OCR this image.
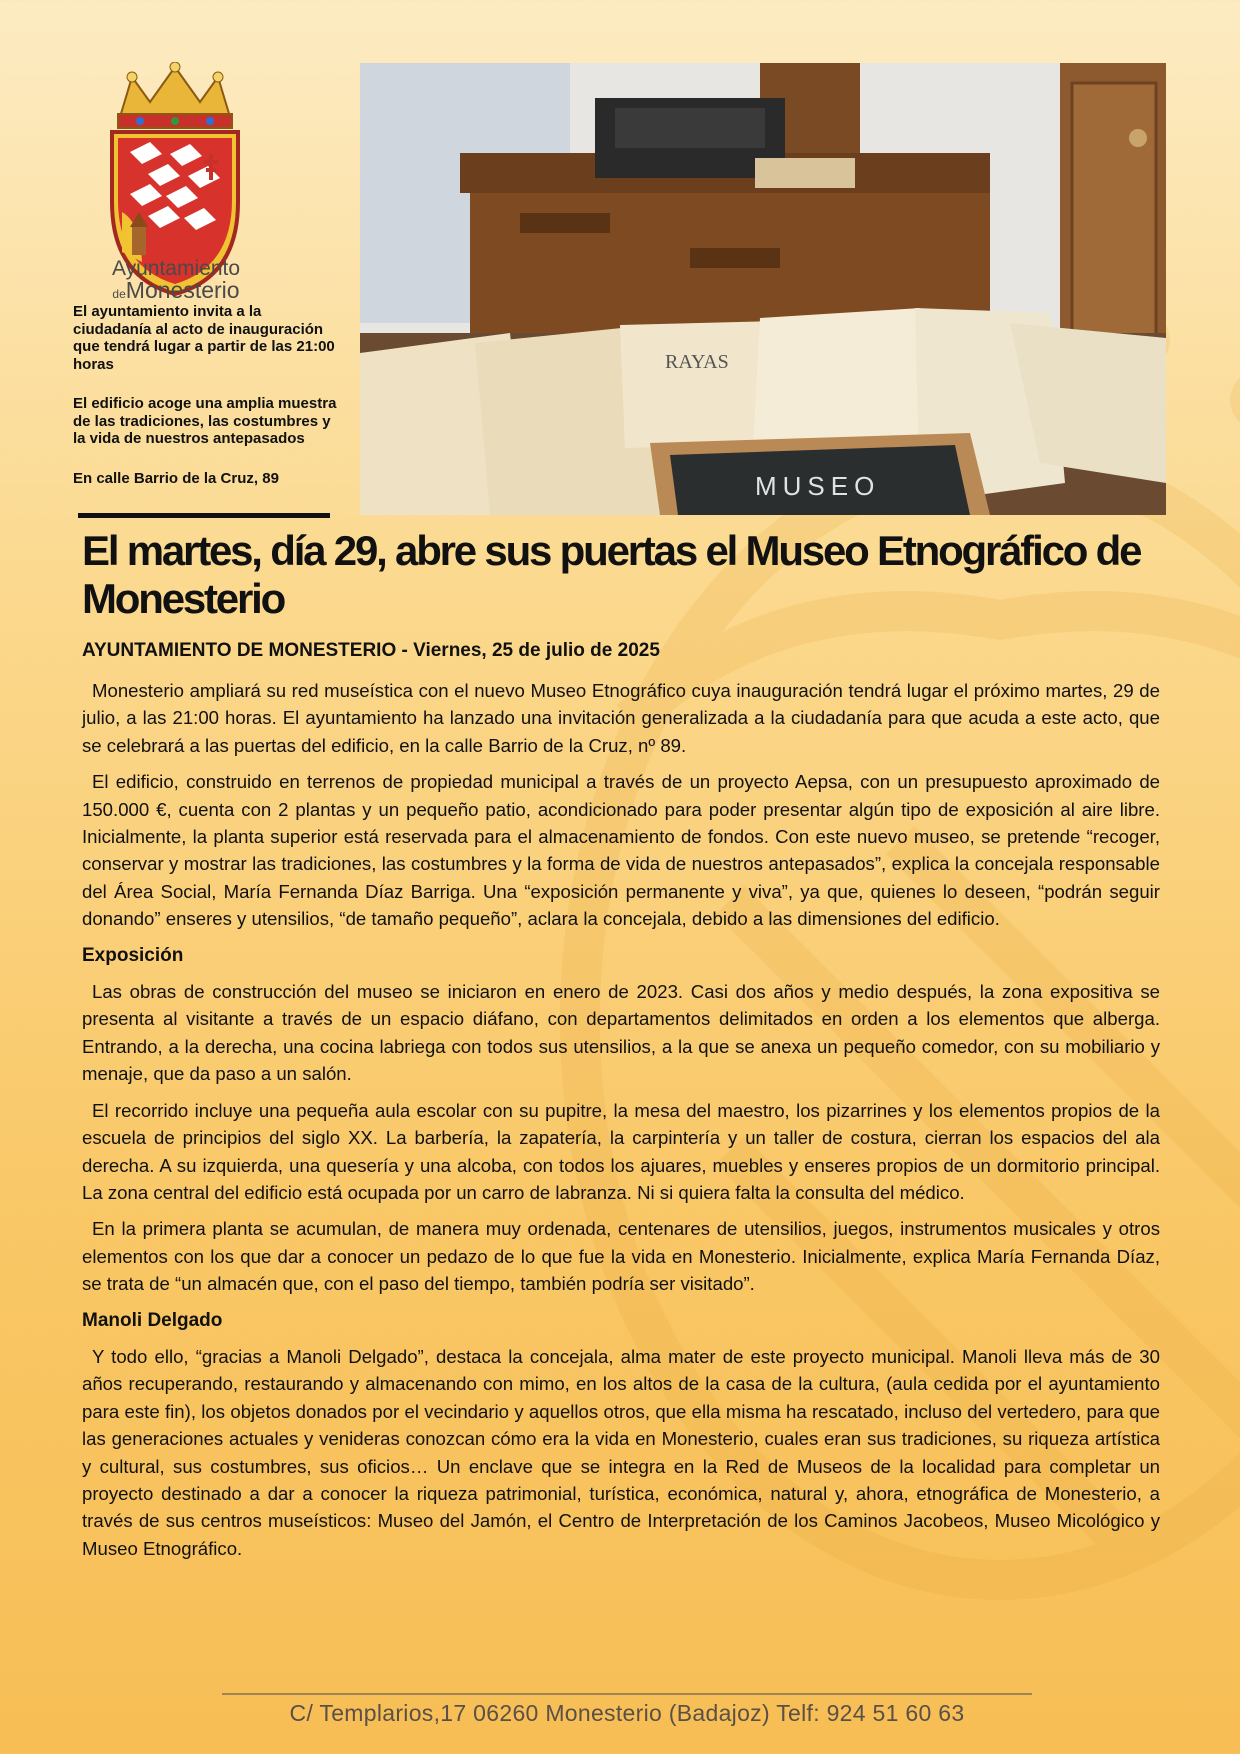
Ayuntamiento
deMonesterio

El ayuntamiento invita a la ciudadanía al acto de inauguración que tendrá lugar a partir de las 21:00 horas

El edificio acoge una amplia muestra de las tradiciones, las costumbres y la vida de nuestros antepasados

En calle Barrio de la Cruz, 89

RAYAS
MUSEO
El martes, día 29, abre sus puertas el Museo Etnográfico de Monesterio

AYUNTAMIENTO DE MONESTERIO - Viernes, 25 de julio de 2025

Monesterio ampliará su red museística con el nuevo Museo Etnográfico cuya inauguración tendrá lugar el próximo martes, 29 de julio, a las 21:00 horas. El ayuntamiento ha lanzado una invitación generalizada a la ciudadanía para que acuda a este acto, que se celebrará a las puertas del edificio, en la calle Barrio de la Cruz, nº 89.

El edificio, construido en terrenos de propiedad municipal a través de un proyecto Aepsa, con un presupuesto aproximado de 150.000 €, cuenta con 2 plantas y un pequeño patio, acondicionado para poder presentar algún tipo de exposición al aire libre. Inicialmente, la planta superior está reservada para el almacenamiento de fondos. Con este nuevo museo, se pretende “recoger, conservar y mostrar las tradiciones, las costumbres y la forma de vida de nuestros antepasados”, explica la concejala responsable del Área Social, María Fernanda Díaz Barriga. Una “exposición permanente y viva”, ya que, quienes lo deseen, “podrán seguir donando” enseres y utensilios, “de tamaño pequeño”, aclara la concejala, debido a las dimensiones del edificio.

Exposición

Las obras de construcción del museo se iniciaron en enero de 2023. Casi dos años y medio después, la zona expositiva se presenta al visitante a través de un espacio diáfano, con departamentos delimitados en orden a los elementos que alberga. Entrando, a la derecha, una cocina labriega con todos sus utensilios, a la que se anexa un pequeño comedor, con su mobiliario y menaje, que da paso a un salón.

El recorrido incluye una pequeña aula escolar con su pupitre, la mesa del maestro, los pizarrines y los elementos propios de la escuela de principios del siglo XX. La barbería, la zapatería, la carpintería y un taller de costura, cierran los espacios del ala derecha. A su izquierda, una quesería y una alcoba, con todos los ajuares, muebles y enseres propios de un dormitorio principal. La zona central del edificio está ocupada por un carro de labranza. Ni si quiera falta la consulta del médico.

En la primera planta se acumulan, de manera muy ordenada, centenares de utensilios, juegos, instrumentos musicales y otros elementos con los que dar a conocer un pedazo de lo que fue la vida en Monesterio. Inicialmente, explica María Fernanda Díaz, se trata de “un almacén que, con el paso del tiempo, también podría ser visitado”.

Manoli Delgado

Y todo ello, “gracias a Manoli Delgado”, destaca la concejala, alma mater de este proyecto municipal. Manoli lleva más de 30 años recuperando, restaurando y almacenando con mimo, en los altos de la casa de la cultura, (aula cedida por el ayuntamiento para este fin), los objetos donados por el vecindario y aquellos otros, que ella misma ha rescatado, incluso del vertedero, para que las generaciones actuales y venideras conozcan cómo era la vida en Monesterio, cuales eran sus tradiciones, su riqueza artística y cultural, sus costumbres, sus oficios… Un enclave que se integra en la Red de Museos de la localidad para completar un proyecto destinado a dar a conocer la riqueza patrimonial, turística, económica, natural y, ahora, etnográfica de Monesterio, a través de sus centros museísticos: Museo del Jamón, el Centro de Interpretación de los Caminos Jacobeos, Museo Micológico y Museo Etnográfico.

C/ Templarios,17 06260 Monesterio (Badajoz) Telf: 924 51 60 63
